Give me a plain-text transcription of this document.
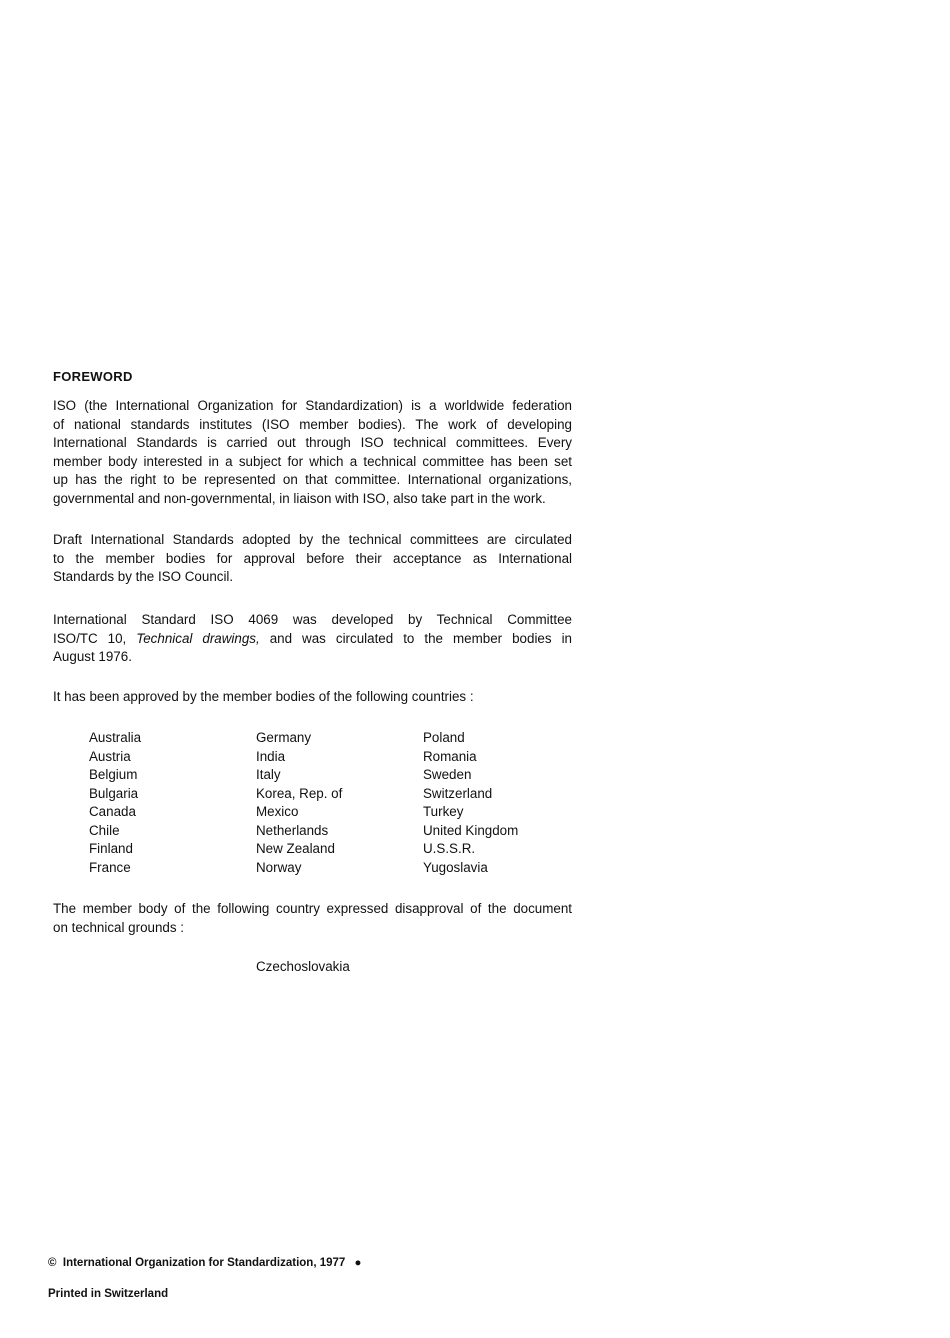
FOREWORD

ISO (the International Organization for Standardization) is a worldwide federation
of national standards institutes (ISO member bodies). The work of developing
International Standards is carried out through ISO technical committees. Every
member body interested in a subject for which a technical committee has been set
up has the right to be represented on that committee. International organizations,
governmental and non-governmental, in liaison with ISO, also take part in the work.

Draft International Standards adopted by the technical committees are circulated
to the member bodies for approval before their acceptance as International
Standards by the ISO Council.

International Standard ISO 4069 was developed by Technical Committee
ISO/TC 10, Technical drawings, and was circulated to the member bodies in
August 1976.

It has been approved by the member bodies of the following countries :

Australia
Austria
Belgium
Bulgaria
Canada
Chile
Finland
France
Germany
India
Italy
Korea, Rep. of
Mexico
Netherlands
New Zealand
Norway
Poland
Romania
Sweden
Switzerland
Turkey
United Kingdom
U.S.S.R.
Yugoslavia

The member body of the following country expressed disapproval of the document
on technical grounds :

Czechoslovakia
© International Organization for Standardization, 1977 ●
Printed in Switzerland
